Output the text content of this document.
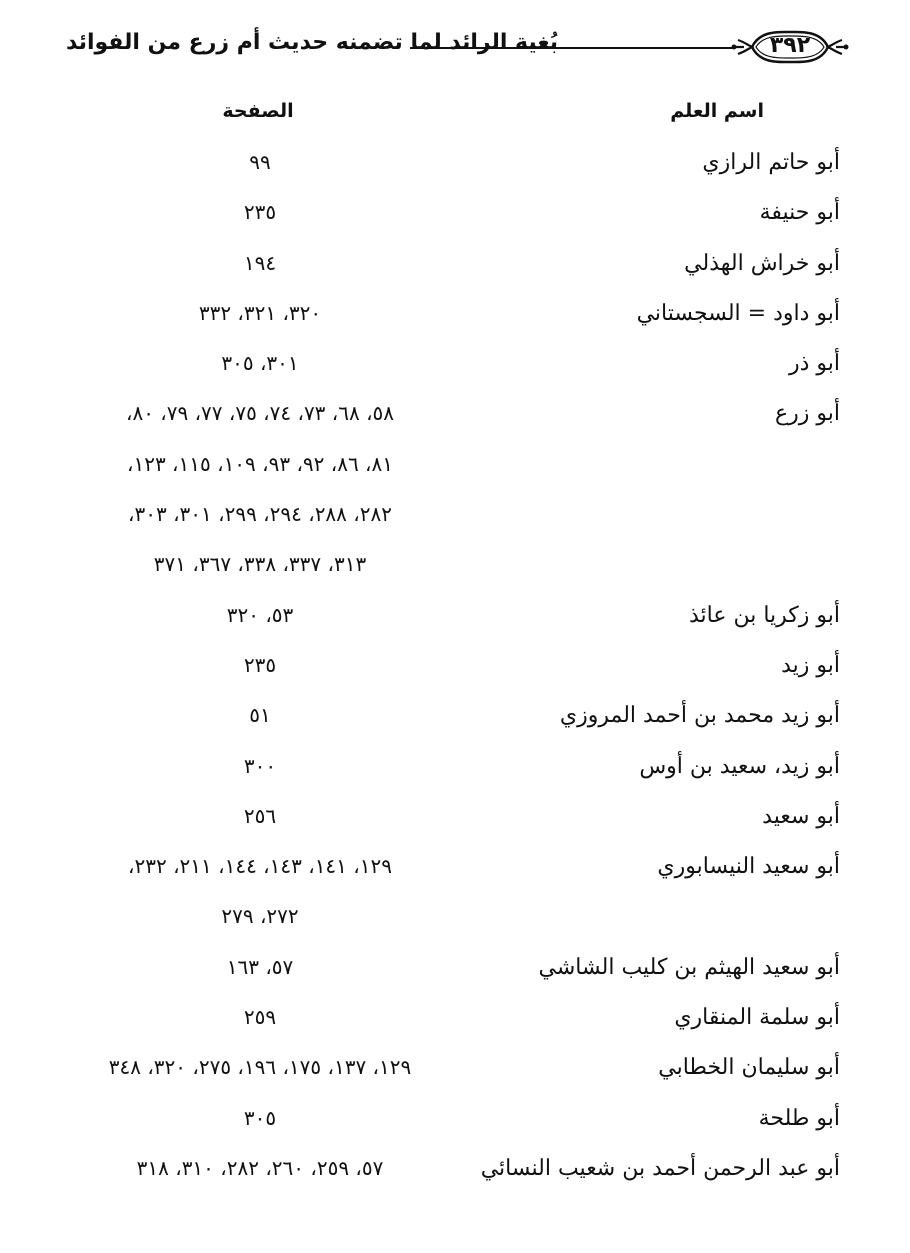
بُغية الرائد لما تضمنه حديث أم زرع من الفوائد	٣٩٢
اسم العلم
الصفحة
أبو حاتم الرازي
٩٩
أبو حنيفة
٢٣٥
أبو خراش الهذلي
١٩٤
أبو داود = السجستاني
٣٢٠، ٣٢١، ٣٣٢
أبو ذر
٣٠١، ٣٠٥
أبو زرع
٥٨، ٦٨، ٧٣، ٧٤، ٧٥، ٧٧، ٧٩، ٨٠،
٨١، ٨٦، ٩٢، ٩٣، ١٠٩، ١١٥، ١٢٣،
٢٨٢، ٢٨٨، ٢٩٤، ٢٩٩، ٣٠١، ٣٠٣،
٣١٣، ٣٣٧، ٣٣٨، ٣٦٧، ٣٧١
أبو زكريا بن عائذ
٥٣، ٣٢٠
أبو زيد
٢٣٥
أبو زيد محمد بن أحمد المروزي
٥١
أبو زيد، سعيد بن أوس
٣٠٠
أبو سعيد
٢٥٦
أبو سعيد النيسابوري
١٢٩، ١٤١، ١٤٣، ١٤٤، ٢١١، ٢٣٢،
٢٧٢، ٢٧٩
أبو سعيد الهيثم بن كليب الشاشي
٥٧، ١٦٣
أبو سلمة المنقاري
٢٥٩
أبو سليمان الخطابي
١٢٩، ١٣٧، ١٧٥، ١٩٦، ٢٧٥، ٣٢٠، ٣٤٨
أبو طلحة
٣٠٥
أبو عبد الرحمن أحمد بن شعيب النسائي
٥٧، ٢٥٩، ٢٦٠، ٢٨٢، ٣١٠، ٣١٨
